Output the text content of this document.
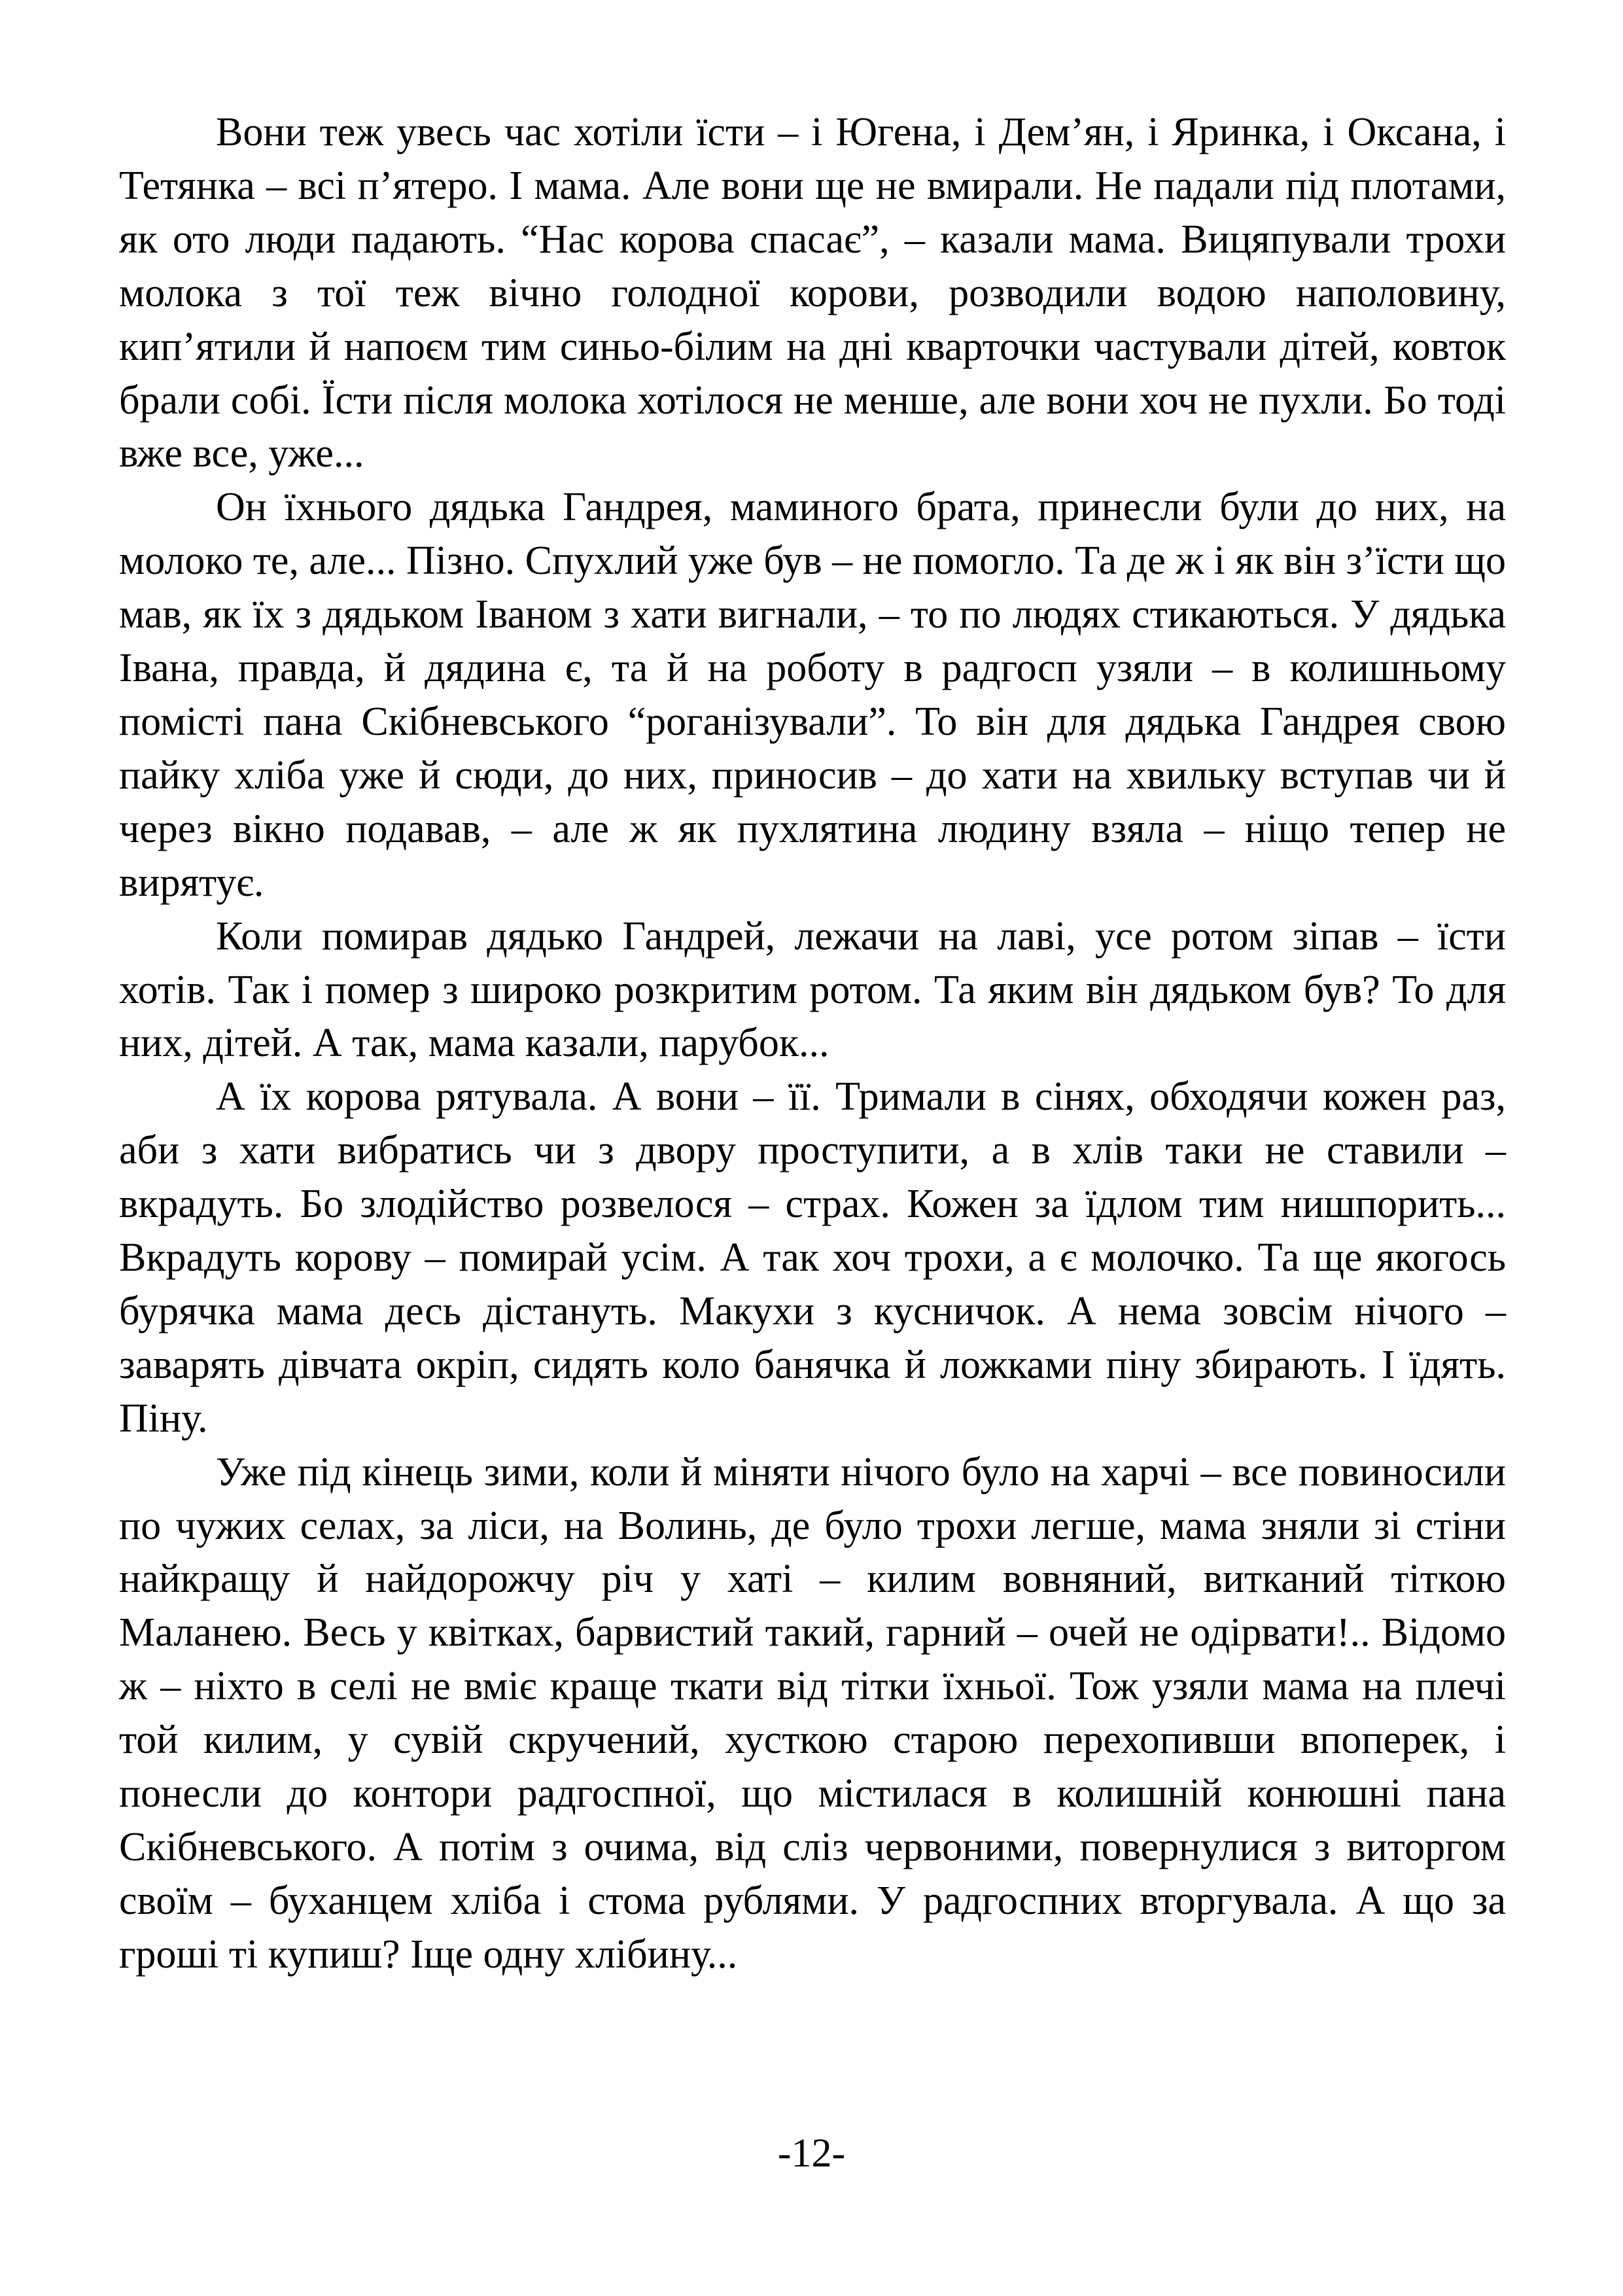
Вони теж увесь час хотіли їсти – і Югена, і Дем’ян, і Яринка, і Оксана, і Тетянка – всі п’ятеро. І мама. Але вони ще не вмирали. Не падали під плотами, як ото люди падають. “Нас корова спасає”, – казали мама. Вицяпували трохи молока з тої теж вічно голодної корови, розводили водою наполовину, кип’ятили й напоєм тим синьо-білим на дні кварточки частували дітей, ковток брали собі. Їсти після молока хотілося не менше, але вони хоч не пухли. Бо тоді вже все, уже...

Он їхнього дядька Гандрея, маминого брата, принесли були до них, на молоко те, але... Пізно. Спухлий уже був – не помогло. Та де ж і як він з’їсти що мав, як їх з дядьком Іваном з хати вигнали, – то по людях стикаються. У дядька Івана, правда, й дядина є, та й на роботу в радгосп узяли – в колишньому помісті пана Скібневського “роганізували”. То він для дядька Гандрея свою пайку хліба уже й сюди, до них, приносив – до хати на хвильку вступав чи й через вікно подавав, – але ж як пухлятина людину взяла – ніщо тепер не вирятує.

Коли помирав дядько Гандрей, лежачи на лаві, усе ротом зіпав – їсти хотів. Так і помер з широко розкритим ротом. Та яким він дядьком був? То для них, дітей. А так, мама казали, парубок...

А їх корова рятувала. А вони – її. Тримали в сінях, обходячи кожен раз, аби з хати вибратись чи з двору проступити, а в хлів таки не ставили – вкрадуть. Бо злодійство розвелося – страх. Кожен за їдлом тим нишпорить... Вкрадуть корову – помирай усім. А так хоч трохи, а є молочко. Та ще якогось бурячка мама десь дістануть. Макухи з кусничок. А нема зовсім нічого – заварять дівчата окріп, сидять коло банячка й ложками піну збирають. І їдять. Піну.

Уже під кінець зими, коли й міняти нічого було на харчі – все повиносили по чужих селах, за ліси, на Волинь, де було трохи легше, мама зняли зі стіни найкращу й найдорожчу річ у хаті – килим вовняний, витканий тіткою Маланею. Весь у квітках, барвистий такий, гарний – очей не одірвати!.. Відомо ж – ніхто в селі не вміє краще ткати від тітки їхньої. Тож узяли мама на плечі той килим, у сувій скручений, хусткою старою перехопивши впоперек, і понесли до контори радгоспної, що містилася в колишній конюшні пана Скібневського. А потім з очима, від сліз червоними, повернулися з виторгом своїм – буханцем хліба і стома рублями. У радгоспних вторгувала. А що за гроші ті купиш? Іще одну хлібину...

-12-
